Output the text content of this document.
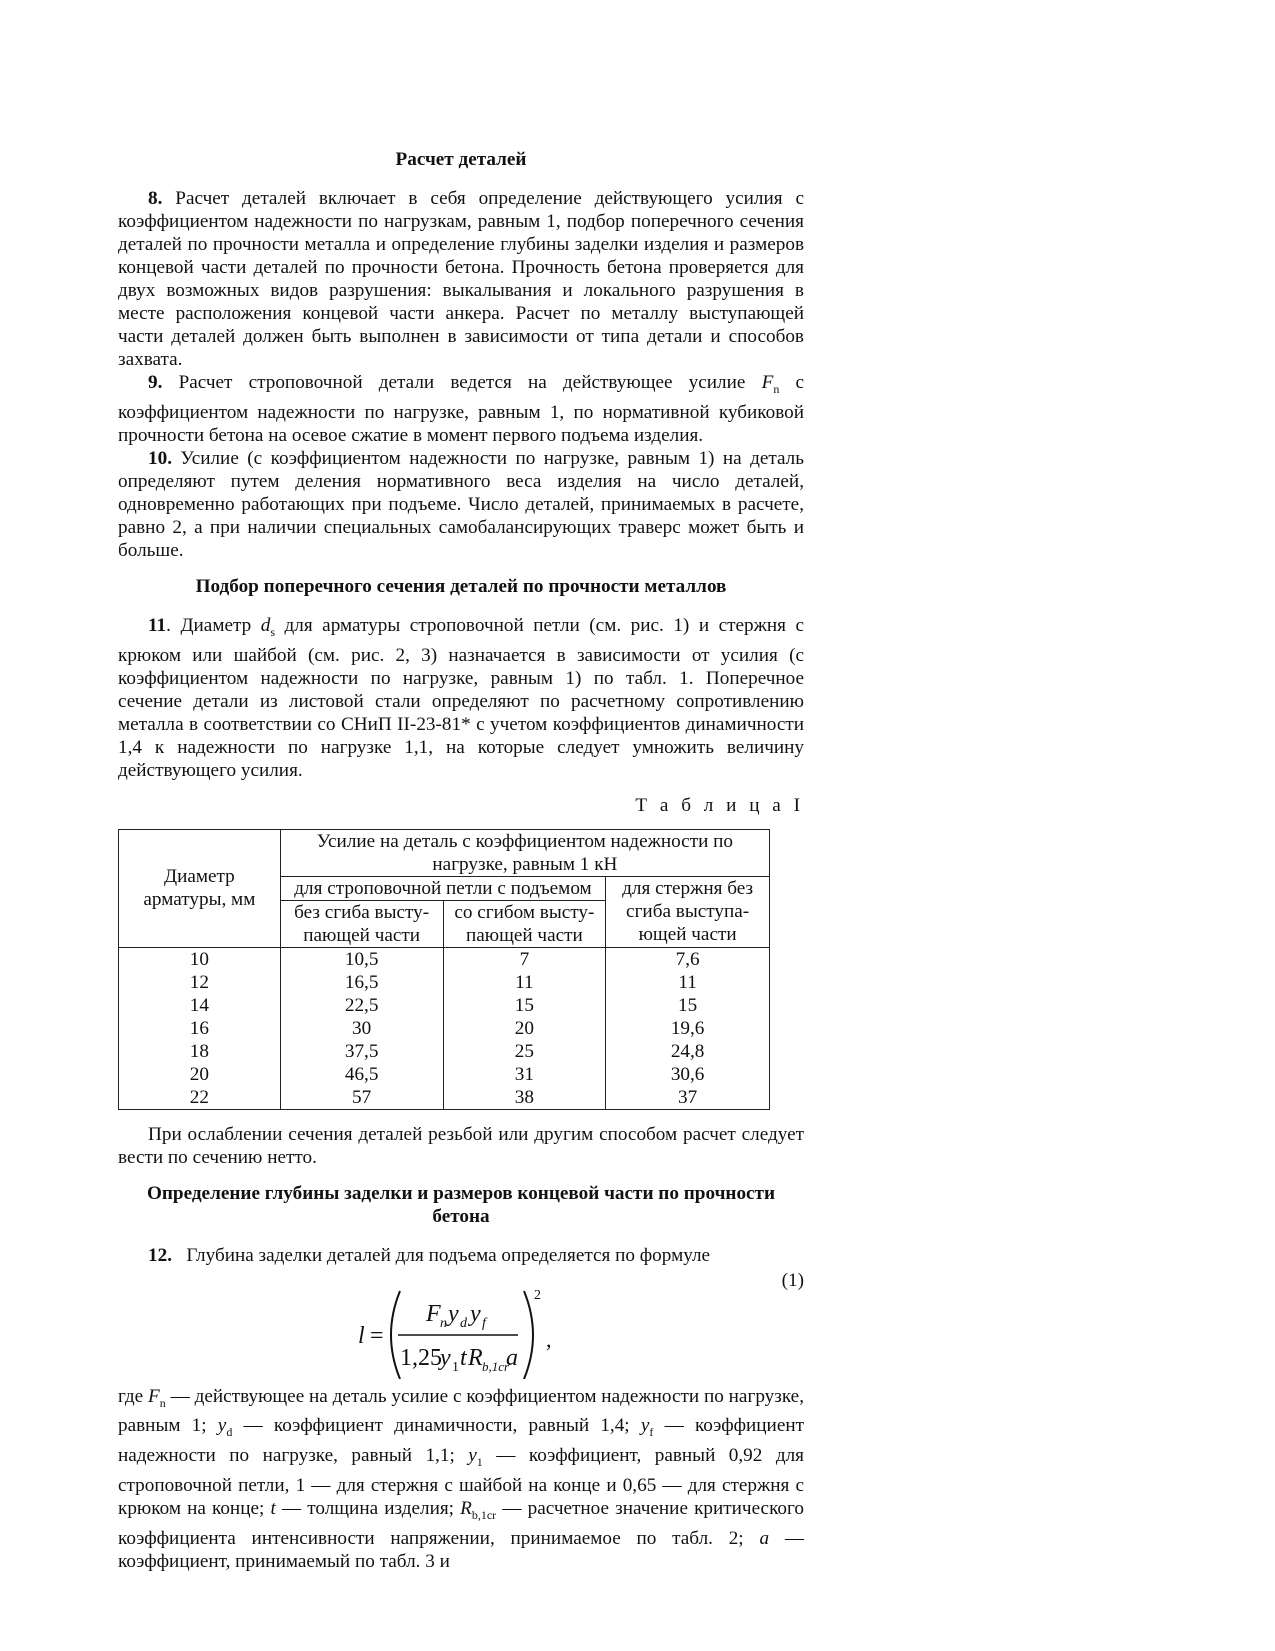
Расчет деталей

8. Расчет деталей включает в себя определение действующего усилия с коэффициентом надежности по нагрузкам, равным 1, подбор поперечного сечения деталей по прочности металла и определение глубины заделки изделия и размеров концевой части деталей по прочности бетона. Прочность бетона проверяется для двух возможных видов разрушения: выкалывания и локального разрушения в месте расположения концевой части анкера. Расчет по металлу выступающей части деталей должен быть выполнен в зависимости от типа детали и способов захвата.

9. Расчет строповочной детали ведется на действующее усилие $F_n$ с коэффициентом надежности по нагрузке, равным 1, по нормативной кубиковой прочности бетона на осевое сжатие в момент первого подъема изделия.

10. Усилие (с коэффициентом надежности по нагрузке, равным 1) на деталь определяют путем деления нормативного веса изделия на число деталей, одновременно работающих при подъеме. Число деталей, принимаемых в расчете, равно 2, а при наличии специальных самобалансирующих траверс может быть и больше.

Подбор поперечного сечения деталей по прочности металлов

11. Диаметр $d_s$ для арматуры строповочной петли (см. рис. 1) и стержня с крюком или шайбой (см. рис. 2, 3) назначается в зависимости от усилия (с коэффициентом надежности по нагрузке, равным 1) по табл. 1. Поперечное сечение детали из листовой стали определяют по расчетному сопротивлению металла в соответствии со СНиП II-23-81* с учетом коэффициентов динамичности 1,4 к надежности по нагрузке 1,1, на которые следует умножить величину действующего усилия.

Т а б л и ц а I
Диаметр арматуры, мм	Усилие на деталь с коэффициентом надежности по нагрузке, равным 1 кН		
	для строповочной петли с подъемом		для стержня без сгиба выступа-ющей части
	без сгиба высту-пающей части	со сгибом высту-пающей части	
10	10,5	7	7,6
12	16,5	11	11
14	22,5	15	15
16	30	20	19,6
18	37,5	25	24,8
20	46,5	31	30,6
22	57	38	37

При ослаблении сечения деталей резьбой или другим способом расчет следует вести по сечению нетто.

Определение глубины заделки и размеров концевой части по прочности бетона

12. Глубина заделки деталей для подъема определяется по формуле

(1)
l =
2
F n y d y f
1,25
y 1 t R b,1cr
a
,

где $F_n$ — действующее на деталь усилие с коэффициентом надежности по нагрузке, равным 1; $y_d$ — коэффициент динамичности, равный 1,4; $y_f$ — коэффициент надежности по нагрузке, равный 1,1; $y_1$ — коэффициент, равный 0,92 для строповочной петли, 1 — для стержня с шайбой на конце и 0,65 — для стержня с крюком на конце; t — толщина изделия; $R_{b,1cr}$ — расчетное значение критического коэффициента интенсивности напряжении, принимаемое по табл. 2; a — коэффициент, принимаемый по табл. 3 и
